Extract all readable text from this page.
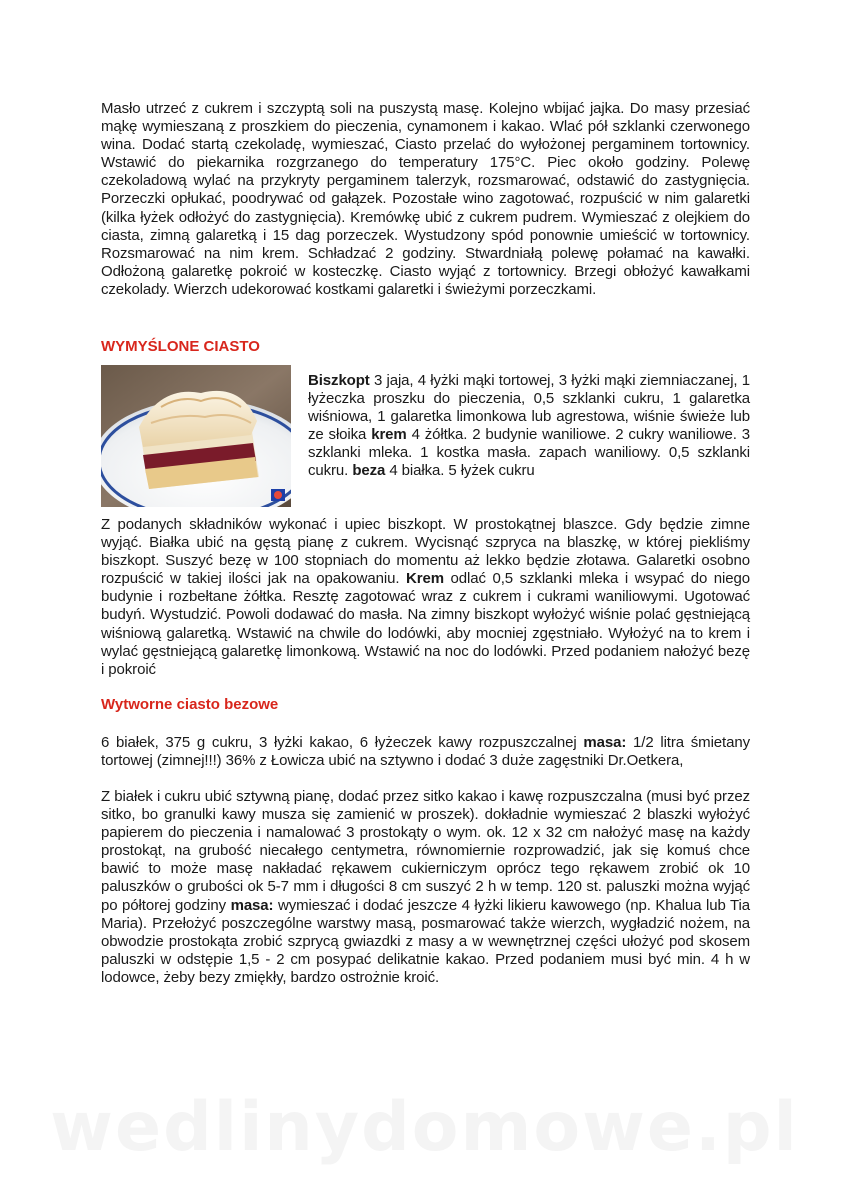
Masło utrzeć z cukrem i szczyptą soli na puszystą masę. Kolejno wbijać jajka. Do masy przesiać mąkę wymieszaną z proszkiem do pieczenia, cynamonem i kakao. Wlać pół szklanki czerwonego wina. Dodać startą czekoladę, wymieszać, Ciasto przelać do wyłożonej pergaminem tortownicy. Wstawić do piekarnika rozgrzanego do temperatury 175°C. Piec około godziny. Polewę czekoladową wylać na przykryty pergaminem talerzyk, rozsmarować, odstawić do zastygnięcia. Porzeczki opłukać, poodrywać od gałązek. Pozostałe wino zagotować, rozpuścić w nim galaretki (kilka łyżek odłożyć do zastygnięcia). Kremówkę ubić z cukrem pudrem. Wymieszać z olejkiem do ciasta, zimną galaretką i 15 dag porzeczek. Wystudzony spód ponownie umieścić w tortownicy. Rozsmarować na nim krem. Schładzać 2 godziny. Stwardniałą polewę połamać na kawałki. Odłożoną galaretkę pokroić w kosteczkę. Ciasto wyjąć z tortownicy. Brzegi obłożyć kawałkami czekolady. Wierzch udekorować kostkami galaretki i świeżymi porzeczkami.

WYMYŚLONE CIASTO

Biszkopt 3 jaja, 4 łyżki mąki tortowej, 3 łyżki mąki ziemniaczanej, 1 łyżeczka proszku do pieczenia, 0,5 szklanki cukru, 1 galaretka wiśniowa, 1 galaretka limonkowa lub agrestowa, wiśnie świeże lub ze słoika krem 4 żółtka. 2 budynie waniliowe. 2 cukry waniliowe. 3 szklanki mleka. 1 kostka masła. zapach waniliowy. 0,5 szklanki cukru. beza 4 białka. 5 łyżek cukru

Z podanych składników wykonać i upiec biszkopt. W prostokątnej blaszce. Gdy będzie zimne wyjąć. Białka ubić na gęstą pianę z cukrem. Wycisnąć szpryca na blaszkę, w której piekliśmy biszkopt. Suszyć bezę w 100 stopniach do momentu aż lekko będzie złotawa. Galaretki osobno rozpuścić w takiej ilości jak na opakowaniu. Krem odlać 0,5 szklanki mleka i wsypać do niego budynie i rozbełtane żółtka. Resztę zagotować wraz z cukrem i cukrami waniliowymi. Ugotować budyń. Wystudzić. Powoli dodawać do masła. Na zimny biszkopt wyłożyć wiśnie polać gęstniejącą wiśniową galaretką. Wstawić na chwile do lodówki, aby mocniej zgęstniało. Wyłożyć na to krem i wylać gęstniejącą galaretkę limonkową. Wstawić na noc do lodówki. Przed podaniem nałożyć bezę i pokroić

Wytworne ciasto bezowe

6 białek, 375 g cukru, 3 łyżki kakao, 6 łyżeczek kawy rozpuszczalnej masa: 1/2 litra śmietany tortowej (zimnej!!!) 36% z Łowicza ubić na sztywno i dodać 3 duże zagęstniki Dr.Oetkera,

Z białek i cukru ubić sztywną pianę, dodać przez sitko kakao i kawę rozpuszczalna (musi być przez sitko, bo granulki kawy musza się zamienić w proszek). dokładnie wymieszać 2 blaszki wyłożyć papierem do pieczenia i namalować 3 prostokąty o wym. ok. 12 x 32 cm nałożyć masę na każdy prostokąt, na grubość niecałego centymetra, równomiernie rozprowadzić, jak się komuś chce bawić to może masę nakładać rękawem cukierniczym oprócz tego rękawem zrobić ok 10 paluszków o grubości ok 5-7 mm i długości 8 cm suszyć 2 h w temp. 120 st. paluszki można wyjąć po półtorej godziny masa: wymieszać i dodać jeszcze 4 łyżki likieru kawowego (np. Khalua lub Tia Maria). Przełożyć poszczególne warstwy masą, posmarować także wierzch, wygładzić nożem, na obwodzie prostokąta zrobić szprycą gwiazdki z masy a w wewnętrznej części ułożyć pod skosem paluszki w odstępie 1,5 - 2 cm posypać delikatnie kakao. Przed podaniem musi być min. 4 h w lodowce, żeby bezy zmiękły, bardzo ostrożnie kroić.

wedlinydomowe.pl
